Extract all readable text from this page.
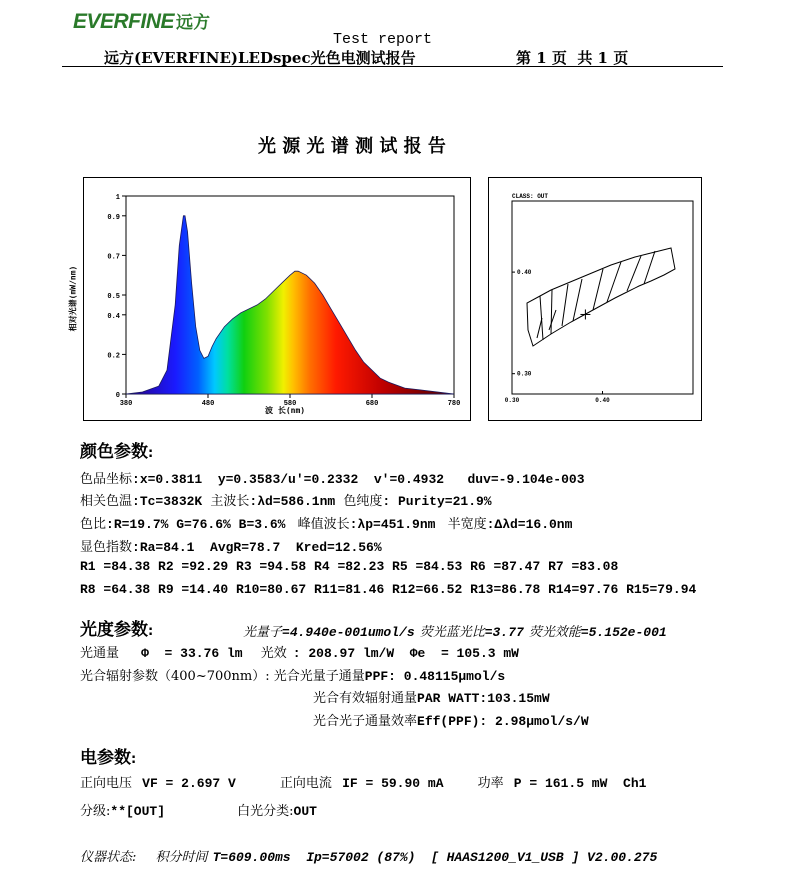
EVERFINE 远方
Test report
远方(EVERFINE)LEDspec光色电测试报告	第 1 页  共 1 页
光 源 光 谱 测 试 报 告
1
0.9
0.7
0.5
0.4
0.2
0
380	480	580	680	780
相对光谱(mW/nm)
波 长(nm)
CLASS: OUT
0.40
0.30
0.30	0.40
颜色参数:
色品坐标:x=0.3811  y=0.3583/u'=0.2332  v'=0.4932   duv=-9.104e-003
相关色温:Tc=3832K 主波长:λd=586.1nm 色纯度: Purity=21.9%
色比:R=19.7% G=76.6% B=3.6% 峰值波长:λp=451.9nm 半宽度:Δλd=16.0nm
显色指数:Ra=84.1  AvgR=78.7  Kred=12.56%
R1 =84.38 R2 =92.29 R3 =94.58 R4 =82.23 R5 =84.53 R6 =87.47 R7 =83.08
R8 =64.38 R9 =14.40 R10=80.67 R11=81.46 R12=66.52 R13=86.78 R14=97.76 R15=79.94
光度参数:	光量子=4.940e-001umol/s 荧光蓝光比=3.77 荧光效能=5.152e-001
光通量 Φ  = 33.76 lm 光效 : 208.97 lm/W  Φe  = 105.3 mW
光合辐射参数（400~700nm）: 光合光量子通量PPF: 0.48115μmol/s
光合有效辐射通量PAR WATT:103.15mW
光合光子通量效率Eff(PPF): 2.98μmol/s/W
电参数:
正向电压 VF = 2.697 V	正向电流 IF = 59.90 mA	功率 P = 161.5 mW  Ch1
分级:**[OUT]	白光分类:OUT
仪器状态: 积分时间 T=609.00ms  Ip=57002 (87%)  [ HAAS1200_V1_USB ] V2.00.275
